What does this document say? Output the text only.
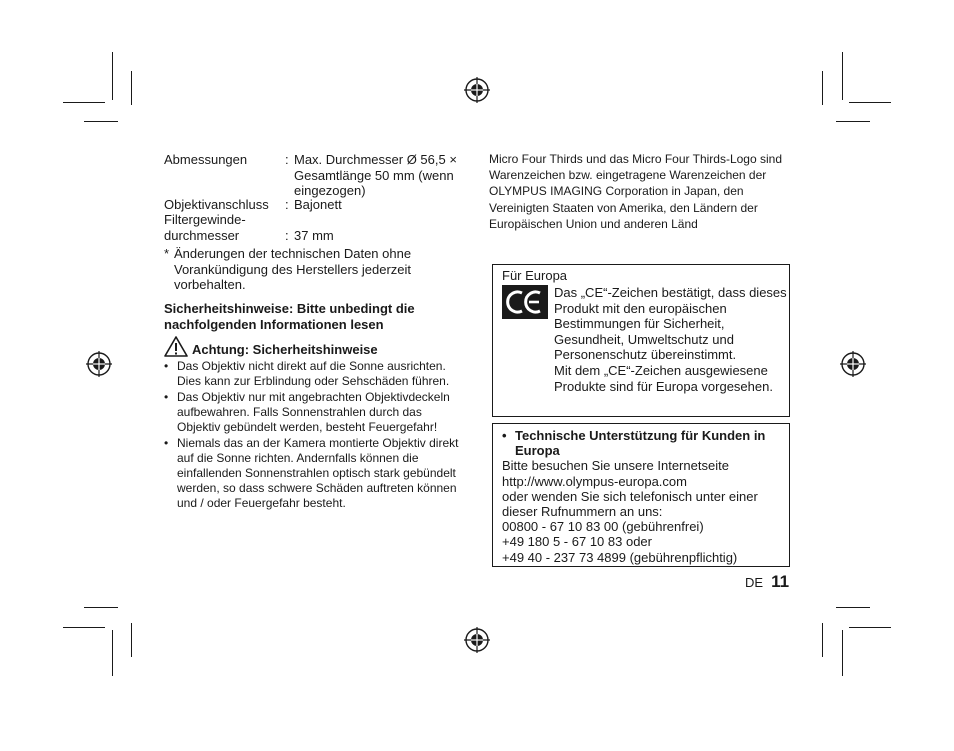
Abmessungen	: Max. Durchmesser Ø 56,5 × Gesamtlänge 50 mm (wenn eingezogen)
Objektivanschluss : Bajonett
Filtergewinde-
durchmesser	: 37 mm
* Änderungen der technischen Daten ohne Vorankündigung des Herstellers jederzeit vorbehalten.
Sicherheitshinweise: Bitte unbedingt die nachfolgenden Informationen lesen
Achtung: Sicherheitshinweise
• Das Objektiv nicht direkt auf die Sonne ausrichten. Dies kann zur Erblindung oder Sehschäden führen.
• Das Objektiv nur mit angebrachten Objektivdeckeln aufbewahren. Falls Sonnenstrahlen durch das Objektiv gebündelt werden, besteht Feuergefahr!
• Niemals das an der Kamera montierte Objektiv direkt auf die Sonne richten. Andernfalls können die einfallenden Sonnenstrahlen optisch stark gebündelt werden, so dass schwere Schäden auftreten können und / oder Feuergefahr besteht.
Micro Four Thirds und das Micro Four Thirds-Logo sind Warenzeichen bzw. eingetragene Warenzeichen der OLYMPUS IMAGING Corporation in Japan, den Vereinigten Staaten von Amerika, den Ländern der Europäischen Union und anderen Länd
Für Europa
Das „CE“-Zeichen bestätigt, dass dieses Produkt mit den europäischen Bestimmungen für Sicherheit, Gesundheit, Umweltschutz und Personenschutz übereinstimmt.
Mit dem „CE“-Zeichen ausgewiesene Produkte sind für Europa vorgesehen.
• Technische Unterstützung für Kunden in Europa
Bitte besuchen Sie unsere Internetseite
http://www.olympus-europa.com
oder wenden Sie sich telefonisch unter einer dieser Rufnummern an uns:
00800 - 67 10 83 00 (gebührenfrei)
+49 180 5 - 67 10 83 oder
+49 40 - 237 73 4899 (gebührenpflichtig)
DE 11
